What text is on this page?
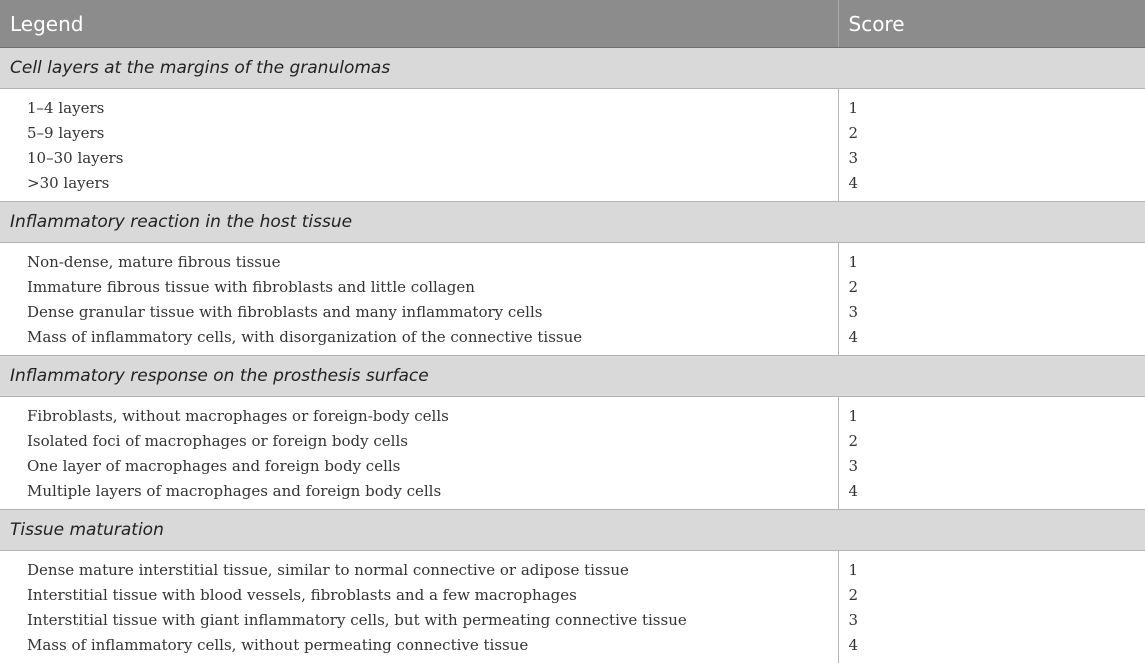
Legend	Score
Cell layers at the margins of the granulomas	
1–4 layers	1
5–9 layers	2
10–30 layers	3
>30 layers	4
Inflammatory reaction in the host tissue	
Non-dense, mature fibrous tissue	1
Immature fibrous tissue with fibroblasts and little collagen	2
Dense granular tissue with fibroblasts and many inflammatory cells	3
Mass of inflammatory cells, with disorganization of the connective tissue	4
Inflammatory response on the prosthesis surface	
Fibroblasts, without macrophages or foreign-body cells	1
Isolated foci of macrophages or foreign body cells	2
One layer of macrophages and foreign body cells	3
Multiple layers of macrophages and foreign body cells	4
Tissue maturation	
Dense mature interstitial tissue, similar to normal connective or adipose tissue	1
Interstitial tissue with blood vessels, fibroblasts and a few macrophages	2
Interstitial tissue with giant inflammatory cells, but with permeating connective tissue	3
Mass of inflammatory cells, without permeating connective tissue	4
